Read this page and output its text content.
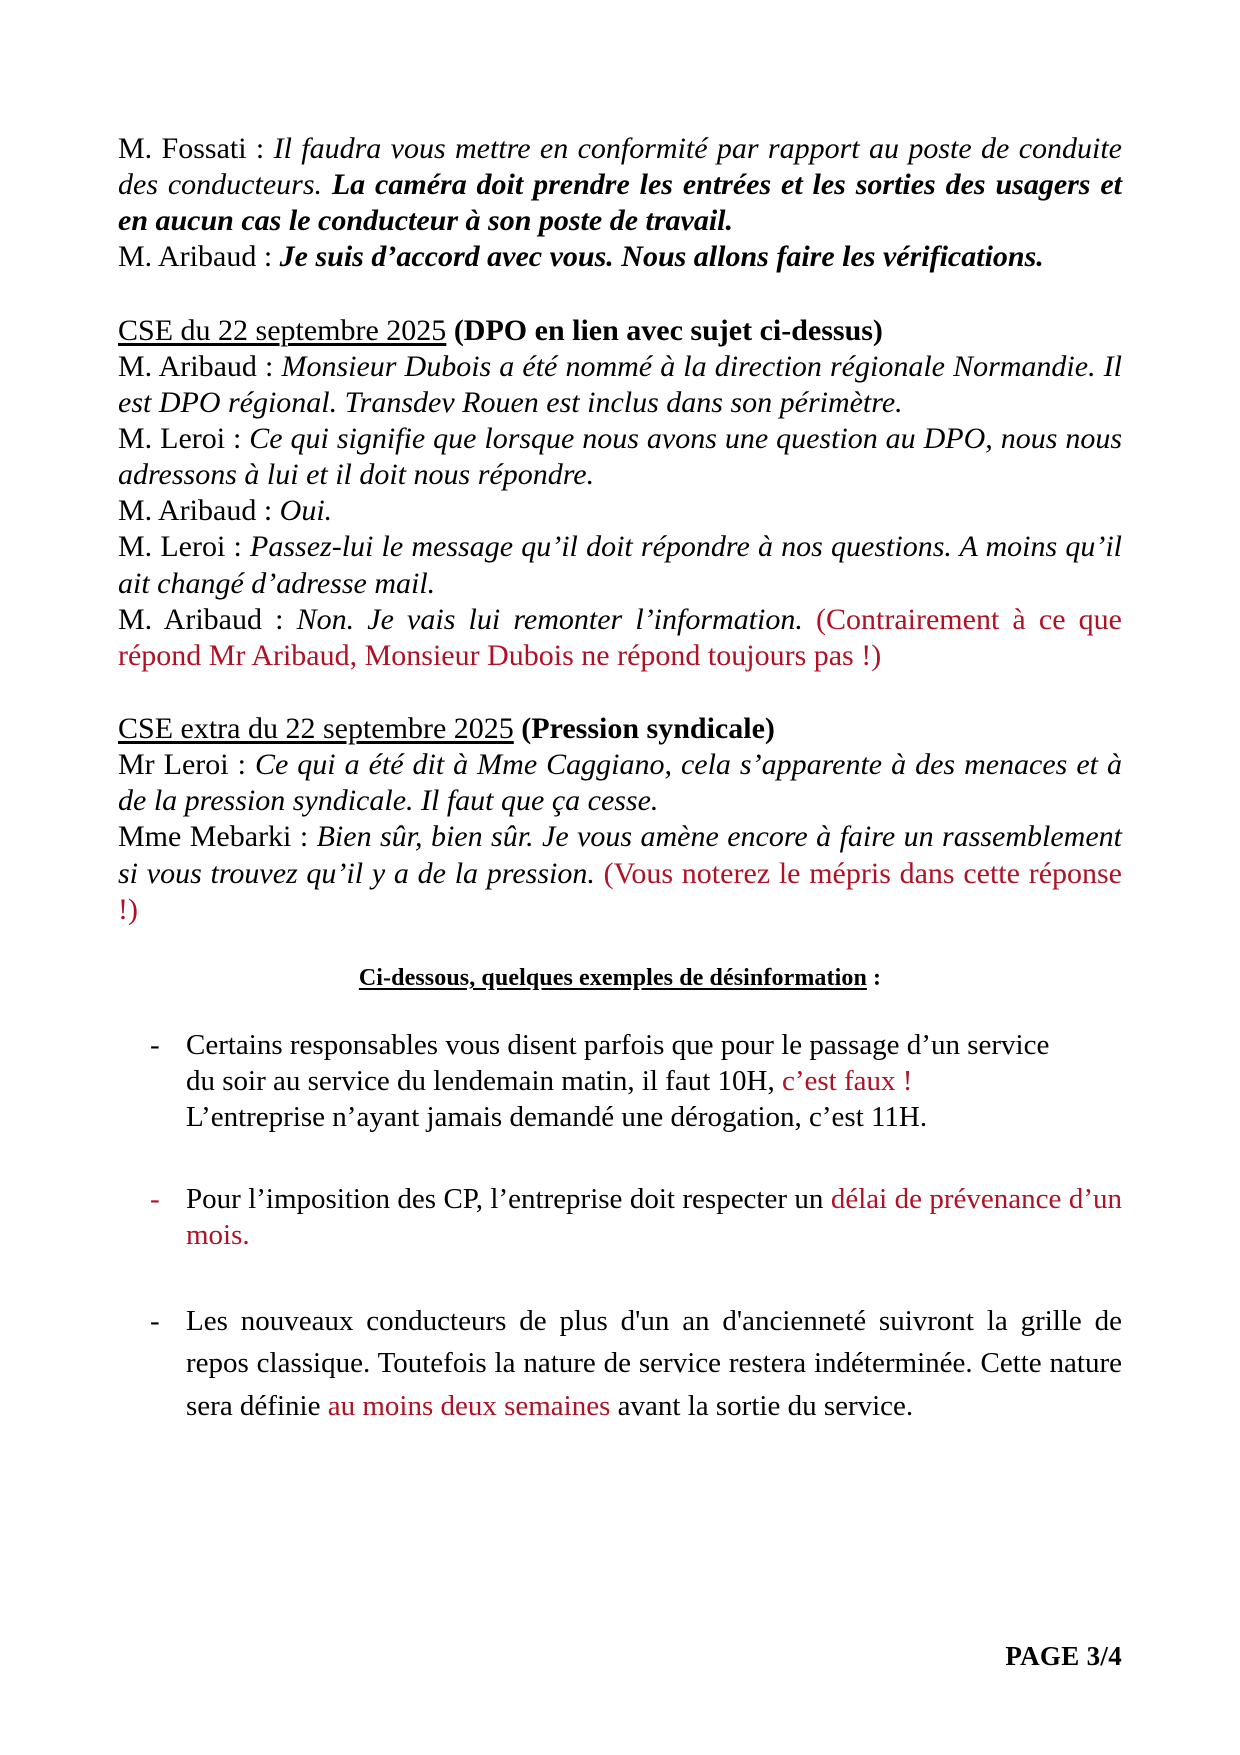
M. Fossati : Il faudra vous mettre en conformité par rapport au poste de conduite des conducteurs. La caméra doit prendre les entrées et les sorties des usagers et en aucun cas le conducteur à son poste de travail.

M. Aribaud : Je suis d’accord avec vous. Nous allons faire les vérifications.

CSE du 22 septembre 2025 (DPO en lien avec sujet ci-dessus)

M. Aribaud : Monsieur Dubois a été nommé à la direction régionale Normandie. Il est DPO régional. Transdev Rouen est inclus dans son périmètre.

M. Leroi : Ce qui signifie que lorsque nous avons une question au DPO, nous nous adressons à lui et il doit nous répondre.

M. Aribaud : Oui.

M. Leroi : Passez-lui le message qu’il doit répondre à nos questions. A moins qu’il ait changé d’adresse mail.

M. Aribaud : Non. Je vais lui remonter l’information. (Contrairement à ce que répond Mr Aribaud, Monsieur Dubois ne répond toujours pas !)

CSE extra du 22 septembre 2025 (Pression syndicale)

Mr Leroi : Ce qui a été dit à Mme Caggiano, cela s’apparente à des menaces et à de la pression syndicale. Il faut que ça cesse.

Mme Mebarki : Bien sûr, bien sûr. Je vous amène encore à faire un rassemblement si vous trouvez qu’il y a de la pression. (Vous noterez le mépris dans cette réponse !)

Ci-dessous, quelques exemples de désinformation :

- Certains responsables vous disent parfois que pour le passage d’un service
du soir au service du lendemain matin, il faut 10H, c’est faux !
L’entreprise n’ayant jamais demandé une dérogation, c’est 11H.
- Pour l’imposition des CP, l’entreprise doit respecter un délai de prévenance d’un mois.
- Les nouveaux conducteurs de plus d'un an d'ancienneté suivront la grille de repos classique. Toutefois la nature de service restera indéterminée. Cette nature sera définie au moins deux semaines avant la sortie du service.
PAGE 3/4
